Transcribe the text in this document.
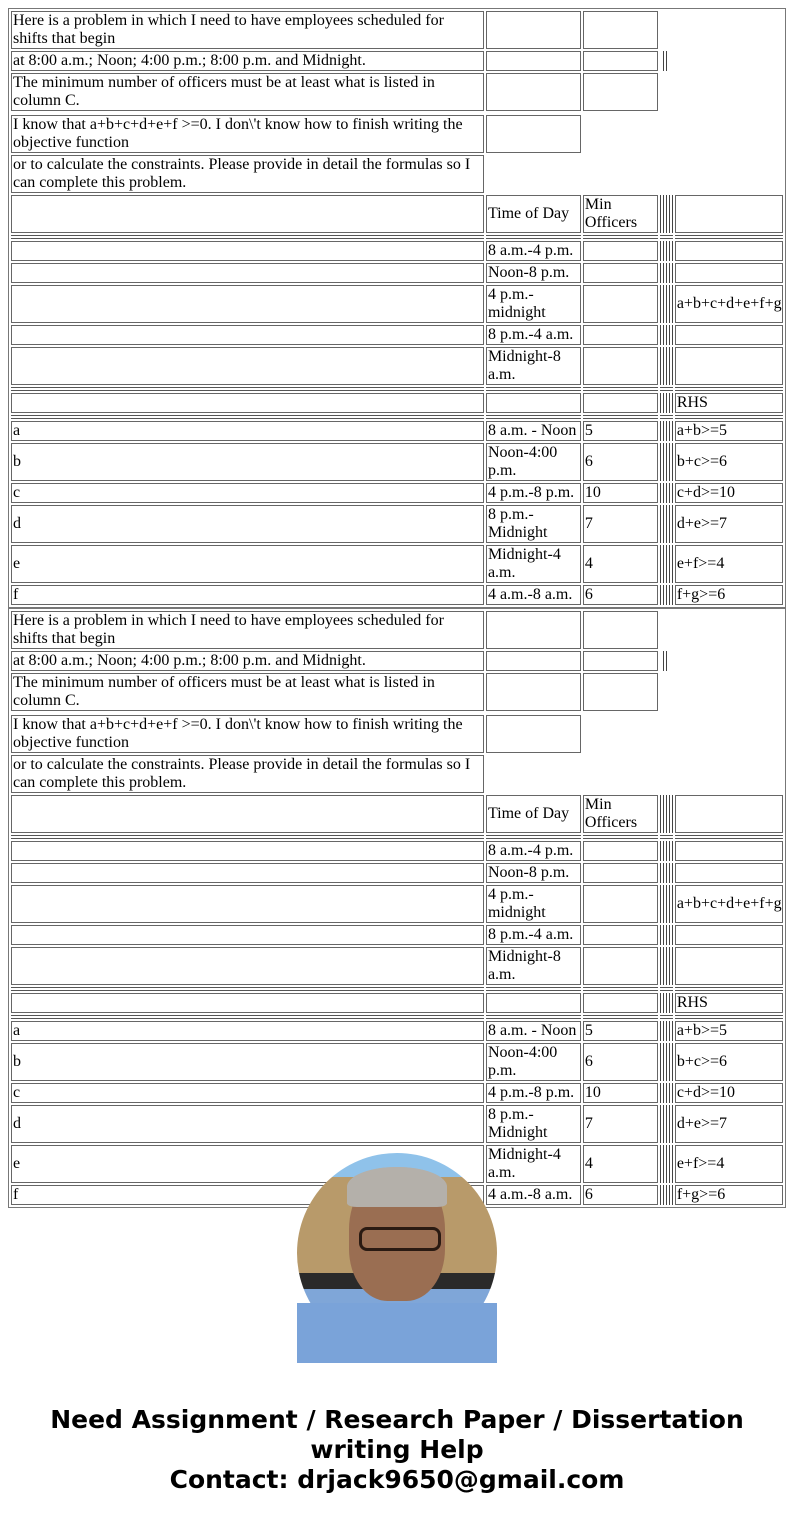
Here is a problem in which I need to have employees scheduled for shifts that begin				
at 8:00 a.m.; Noon; 4:00 p.m.; 8:00 p.m. and Midnight.				
The minimum number of officers must be at least what is listed in column C.				

I know that a+b+c+d+e+f >=0. I don\'t know how to finish writing the objective function				
or to calculate the constraints. Please provide in detail the formulas so I can complete this problem.				
	Time of Day	Min Officers		

	8 a.m.-4 p.m.			
	Noon-8 p.m.			
	4 p.m.-midnight			a+b+c+d+e+f+g
	8 p.m.-4 a.m.			
	Midnight-8 a.m.			

				RHS

a	8 a.m. - Noon	5		a+b>=5
b	Noon-4:00 p.m.	6		b+c>=6
c	4 p.m.-8 p.m.	10		c+d>=10
d	8 p.m.-Midnight	7		d+e>=7
e	Midnight-4 a.m.	4		e+f>=4
f	4 a.m.-8 a.m.	6		f+g>=6
Here is a problem in which I need to have employees scheduled for shifts that begin				
at 8:00 a.m.; Noon; 4:00 p.m.; 8:00 p.m. and Midnight.				
The minimum number of officers must be at least what is listed in column C.				

I know that a+b+c+d+e+f >=0. I don\'t know how to finish writing the objective function				
or to calculate the constraints. Please provide in detail the formulas so I can complete this problem.				
	Time of Day	Min Officers		

	8 a.m.-4 p.m.			
	Noon-8 p.m.			
	4 p.m.-midnight			a+b+c+d+e+f+g
	8 p.m.-4 a.m.			
	Midnight-8 a.m.			

				RHS

a	8 a.m. - Noon	5		a+b>=5
b	Noon-4:00 p.m.	6		b+c>=6
c	4 p.m.-8 p.m.	10		c+d>=10
d	8 p.m.-Midnight	7		d+e>=7
e	Midnight-4 a.m.	4		e+f>=4
f	4 a.m.-8 a.m.	6		f+g>=6
Need Assignment / Research Paper / Dissertation
writing Help
Contact: drjack9650@gmail.com
